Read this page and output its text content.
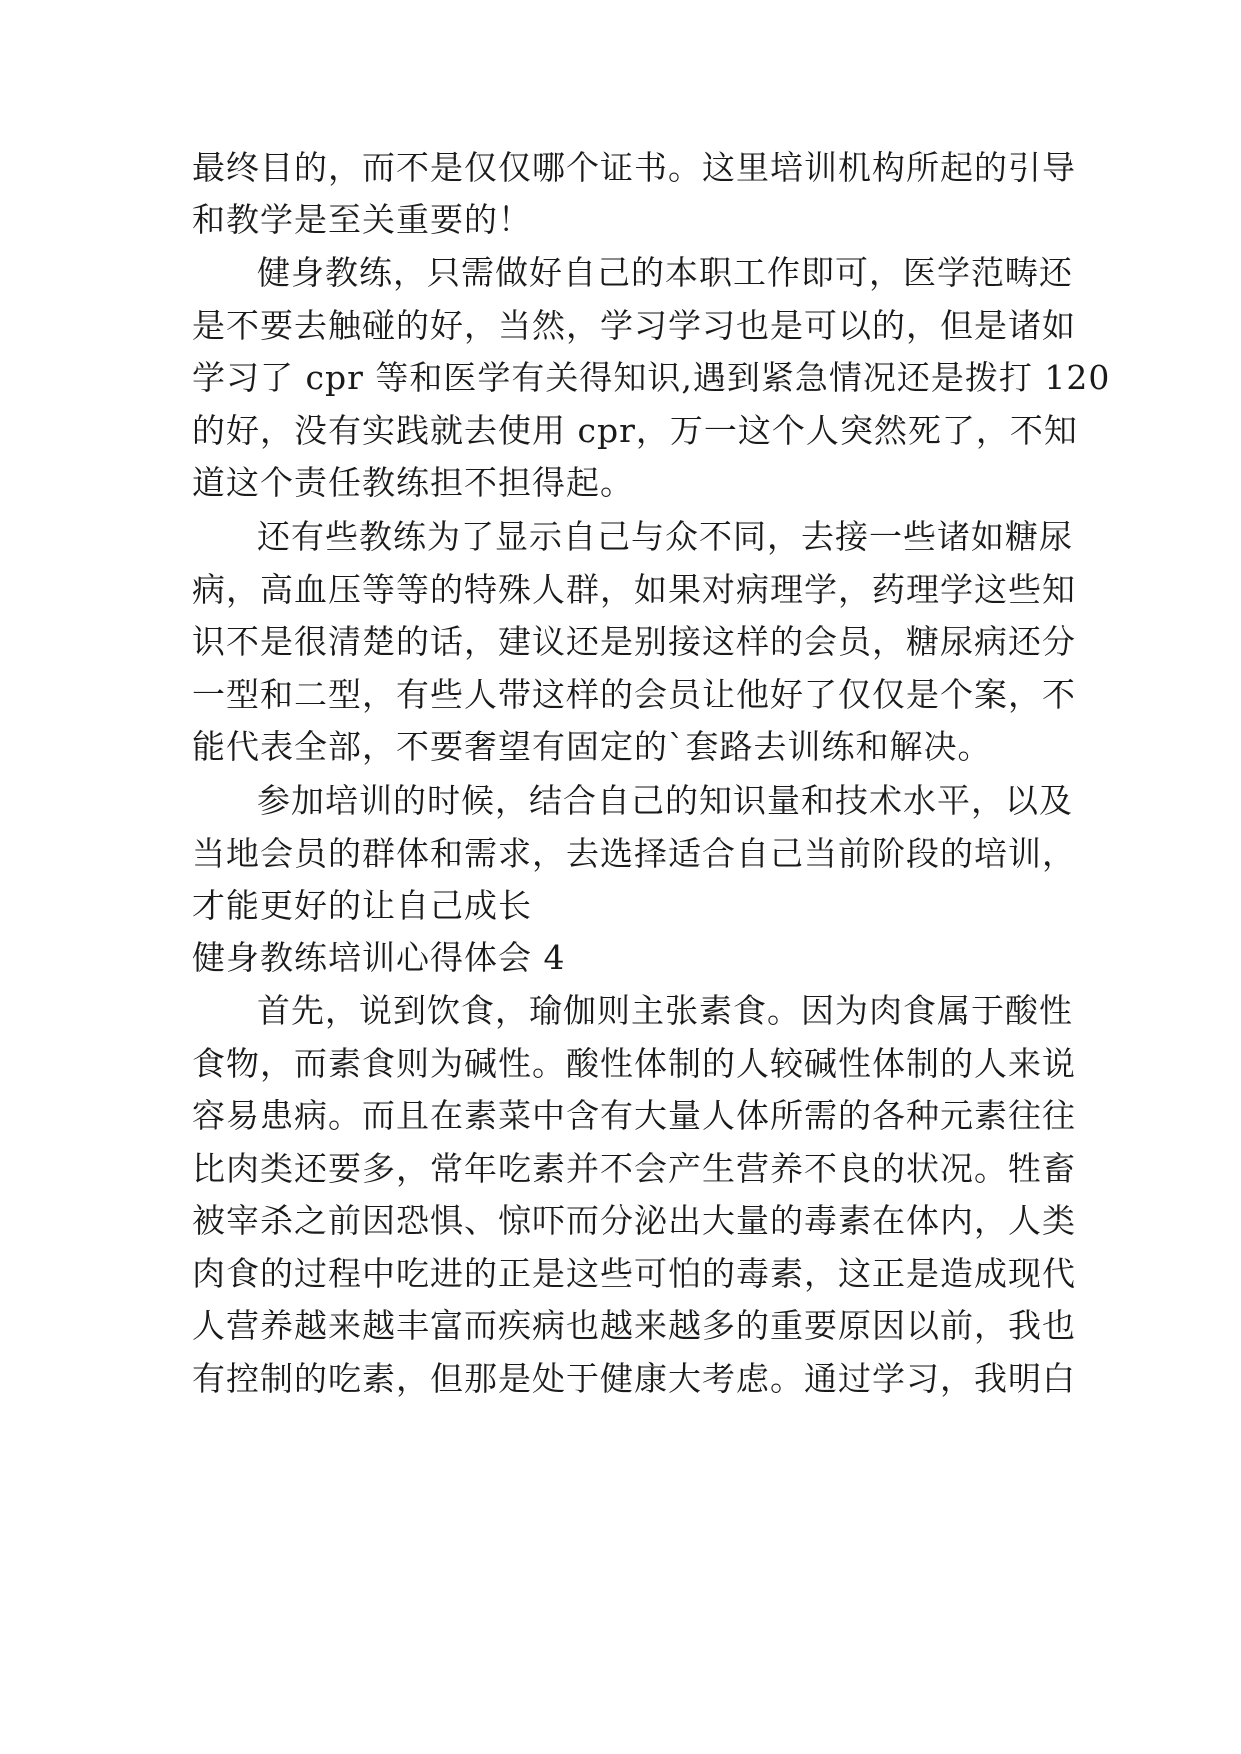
最终目的，而不是仅仅哪个证书。这里培训机构所起的引导
和教学是至关重要的！
健身教练，只需做好自己的本职工作即可，医学范畴还
是不要去触碰的好，当然，学习学习也是可以的，但是诸如
学习了 cpr 等和医学有关得知识,遇到紧急情况还是拨打 120
的好，没有实践就去使用 cpr，万一这个人突然死了，不知
道这个责任教练担不担得起。
还有些教练为了显示自己与众不同，去接一些诸如糖尿
病，高血压等等的特殊人群，如果对病理学，药理学这些知
识不是很清楚的话，建议还是别接这样的会员，糖尿病还分
一型和二型，有些人带这样的会员让他好了仅仅是个案，不
能代表全部，不要奢望有固定的`套路去训练和解决。
参加培训的时候，结合自己的知识量和技术水平，以及
当地会员的群体和需求，去选择适合自己当前阶段的培训，
才能更好的让自己成长
健身教练培训心得体会 4
首先，说到饮食，瑜伽则主张素食。因为肉食属于酸性
食物，而素食则为碱性。酸性体制的人较碱性体制的人来说
容易患病。而且在素菜中含有大量人体所需的各种元素往往
比肉类还要多，常年吃素并不会产生营养不良的状况。牲畜
被宰杀之前因恐惧、惊吓而分泌出大量的毒素在体内，人类
肉食的过程中吃进的正是这些可怕的毒素，这正是造成现代
人营养越来越丰富而疾病也越来越多的重要原因以前，我也
有控制的吃素，但那是处于健康大考虑。通过学习，我明白
